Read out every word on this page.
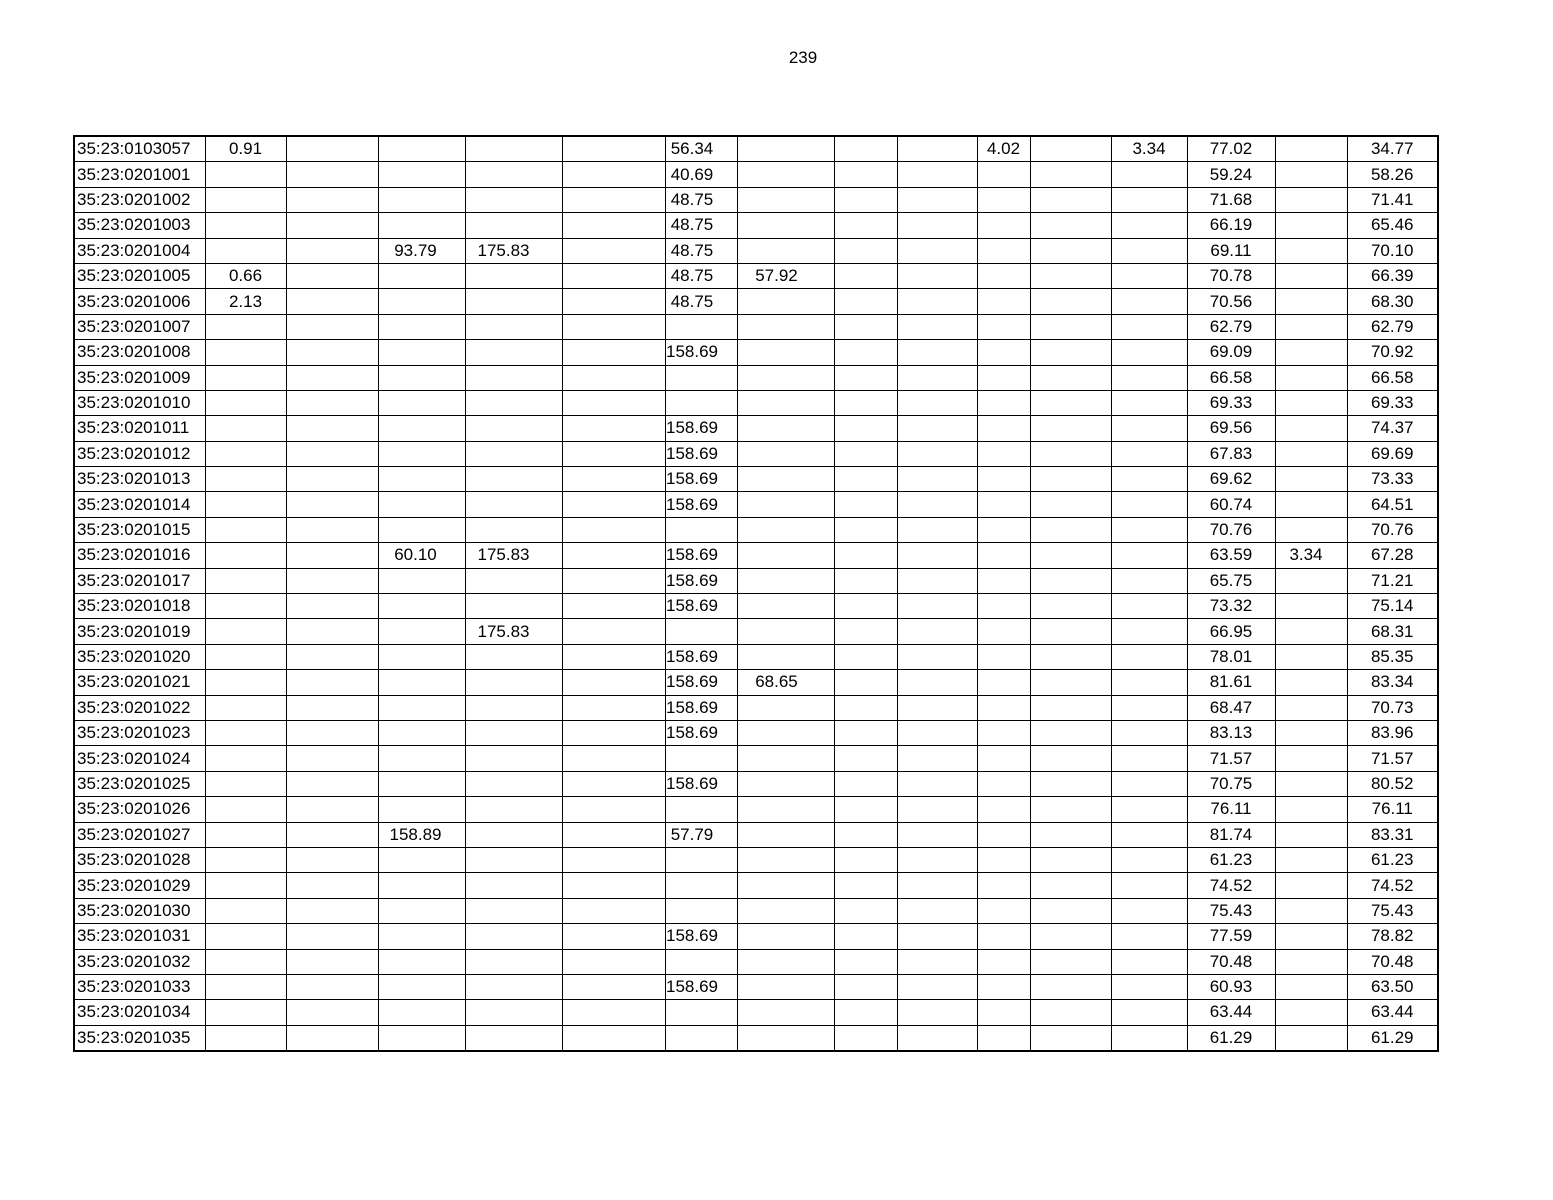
239
35:23:0103057	0.91					56.34				4.02		3.34	77.02		34.77
35:23:0201001						40.69							59.24		58.26
35:23:0201002						48.75							71.68		71.41
35:23:0201003						48.75							66.19		65.46
35:23:0201004			93.79	175.83		48.75							69.11		70.10
35:23:0201005	0.66					48.75	57.92						70.78		66.39
35:23:0201006	2.13					48.75							70.56		68.30
35:23:0201007													62.79		62.79
35:23:0201008						158.69							69.09		70.92
35:23:0201009													66.58		66.58
35:23:0201010													69.33		69.33
35:23:0201011						158.69							69.56		74.37
35:23:0201012						158.69							67.83		69.69
35:23:0201013						158.69							69.62		73.33
35:23:0201014						158.69							60.74		64.51
35:23:0201015													70.76		70.76
35:23:0201016			60.10	175.83		158.69							63.59	3.34	67.28
35:23:0201017						158.69							65.75		71.21
35:23:0201018						158.69							73.32		75.14
35:23:0201019				175.83									66.95		68.31
35:23:0201020						158.69							78.01		85.35
35:23:0201021						158.69	68.65						81.61		83.34
35:23:0201022						158.69							68.47		70.73
35:23:0201023						158.69							83.13		83.96
35:23:0201024													71.57		71.57
35:23:0201025						158.69							70.75		80.52
35:23:0201026													76.11		76.11
35:23:0201027			158.89			57.79							81.74		83.31
35:23:0201028													61.23		61.23
35:23:0201029													74.52		74.52
35:23:0201030													75.43		75.43
35:23:0201031						158.69							77.59		78.82
35:23:0201032													70.48		70.48
35:23:0201033						158.69							60.93		63.50
35:23:0201034													63.44		63.44
35:23:0201035													61.29		61.29
